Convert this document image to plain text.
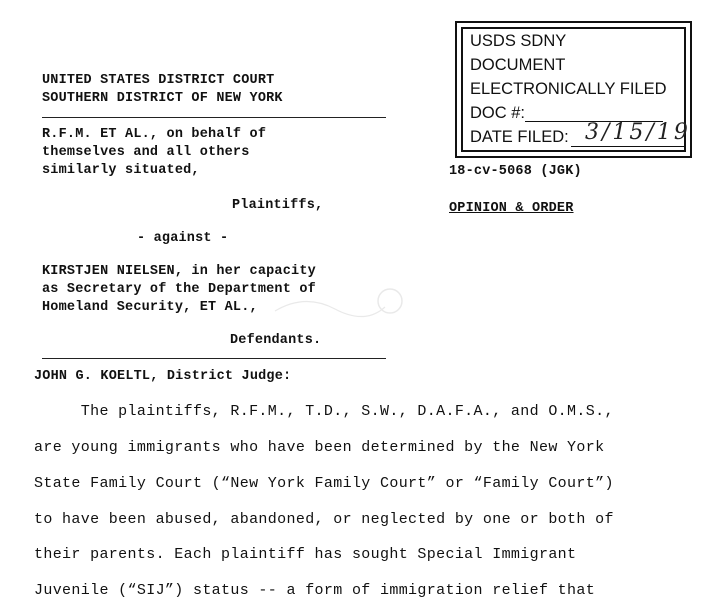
USDS SDNY
DOCUMENT
ELECTRONICALLY FILED
DOC #:
DATE FILED: 3/15/19
UNITED STATES DISTRICT COURT
SOUTHERN DISTRICT OF NEW YORK
R.F.M. ET AL., on behalf of
themselves and all others
similarly situated,
Plaintiffs,
- against -
KIRSTJEN NIELSEN, in her capacity
as Secretary of the Department of
Homeland Security, ET AL.,
Defendants.
18-cv-5068 (JGK)
OPINION & ORDER
JOHN G. KOELTL, District Judge:
The plaintiffs, R.F.M., T.D., S.W., D.A.F.A., and O.M.S.,
are young immigrants who have been determined by the New York
State Family Court (“New York Family Court” or “Family Court”)
to have been abused, abandoned, or neglected by one or both of
their parents. Each plaintiff has sought Special Immigrant
Juvenile (“SIJ”) status -- a form of immigration relief that
